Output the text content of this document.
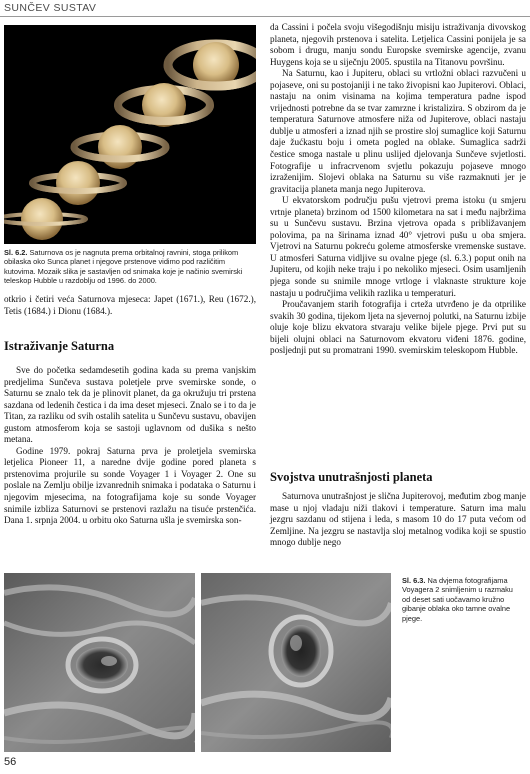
SUNČEV SUSTAV
Sl. 6.2. Saturnova os je nagnuta prema orbitalnoj ravnini, stoga prilikom obilaska oko Sunca planet i njegove prstenove vidimo pod različitim kutovima. Mozaik slika je sastavljen od snimaka koje je načinio svemirski teleskop Hubble u razdoblju od 1996. do 2000.

otkrio i četiri veća Saturnova mjeseca: Japet (1671.), Reu (1672.), Tetis (1684.) i Dionu (1684.).

Istraživanje Saturna

Sve do početka sedamdesetih godina kada su prema vanjskim predjelima Sunčeva sustava poletjele prve svemirske sonde, o Saturnu se znalo tek da je plinovit planet, da ga okružuju tri prstena sazdana od ledenih čestica i da ima deset mjeseci. Znalo se i to da je Titan, za razliku od svih ostalih satelita u Sunčevu sustavu, obavijen gustom atmosferom koja se sastoji uglavnom od dušika s nešto metana.

Godine 1979. pokraj Saturna prva je proletjela svemirska letjelica Pioneer 11, a naredne dvije godine pored planeta s prstenovima projurile su sonde Voyager 1 i Voyager 2. One su poslale na Zemlju obilje izvanrednih snimaka i podataka o Saturnu i njegovim mjesecima, na fotografijama koje su sonde Voyager snimile izbliza Saturnovi se prstenovi razlažu na tisuće prstenčića. Dana 1. srpnja 2004. u orbitu oko Saturna ušla je svemirska son-

da Cassini i počela svoju višegodišnju misiju istraživanja divovskog planeta, njegovih prstenova i satelita. Letjelica Cassini ponijela je sa sobom i drugu, manju sondu Europske svemirske agencije, zvanu Huygens koja se u siječnju 2005. spustila na Titanovu površinu.

Na Saturnu, kao i Jupiteru, oblaci su vrtložni oblaci razvučeni u pojaseve, oni su postojaniji i ne tako živopisni kao Jupiterovi. Oblaci, nastaju na onim visinama na kojima temperatura padne ispod vrijednosti potrebne da se tvar zamrzne i kristalizira. S obzirom da je temperatura Saturnove atmosfere niža od Jupiterove, oblaci nastaju dublje u atmosferi a iznad njih se prostire sloj sumaglice koji Saturnu daje žućkastu boju i ometa pogled na oblake. Sumaglica sadrži čestice smoga nastale u plinu uslijed djelovanja Sunčeve svjetlosti. Fotografije u infracrvenom svjetlu pokazuju pojaseve mnogo izraženijim. Slojevi oblaka na Saturnu su više razmaknuti jer je gravitacija planeta manja nego Jupiterova.

U ekvatorskom području pušu vjetrovi prema istoku (u smjeru vrtnje planeta) brzinom od 1500 kilometara na sat i među najbržima su u Sunčevu sustavu. Brzina vjetrova opada s približavanjem polovima, pa na širinama iznad 40° vjetrovi pušu u oba smjera. Vjetrovi na Saturnu pokreću goleme atmosferske vremenske sustave. U atmosferi Saturna vidljive su ovalne pjege (sl. 6.3.) poput onih na Jupiteru, od kojih neke traju i po nekoliko mjeseci. Osim usamljenih pjega sonde su snimile mnoge vrtloge i vlaknaste strukture koje nastaju u područjima velikih razlika u temperaturi.

Proučavanjem starih fotografija i crteža utvrđeno je da otprilike svakih 30 godina, tijekom ljeta na sjevernoj polutki, na Saturnu izbije oluje koje blizu ekvatora stvaraju velike bijele pjege. Prvi put su bijeli olujni oblaci na Saturnovom ekvatoru viđeni 1876. godine, posljednji put su promatrani 1990. svemirskim teleskopom Hubble.

Svojstva unutrašnjosti planeta

Saturnova unutrašnjost je slična Jupiterovoj, međutim zbog manje mase u njoj vladaju niži tlakovi i temperature. Saturn ima malu jezgru sazdanu od stijena i leda, s masom 10 do 17 puta većom od Zemljine. Na jezgru se nastavlja sloj metalnog vodika koji se spustio mnogo dublje nego

Sl. 6.3. Na dvjema fotografijama Voyagera 2 snimljenim u razmaku od deset sati uočavamo kružno gibanje oblaka oko tamne ovalne pjege.
56
